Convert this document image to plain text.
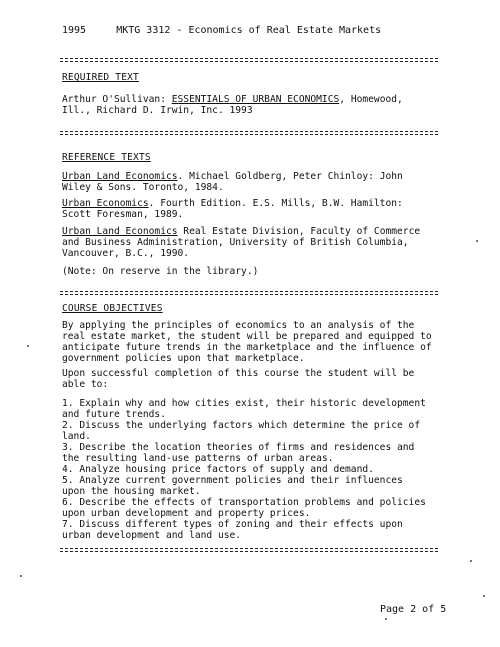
1995	MKTG 3312 - Economics of Real Estate Markets
REQUIRED TEXT
Arthur O'Sullivan: ESSENTIALS OF URBAN ECONOMICS, Homewood,
Ill., Richard D. Irwin, Inc. 1993
REFERENCE TEXTS
Urban Land Economics. Michael Goldberg, Peter Chinloy: John
Wiley & Sons. Toronto, 1984.
Urban Economics. Fourth Edition. E.S. Mills, B.W. Hamilton:
Scott Foresman, 1989.
Urban Land Economics Real Estate Division, Faculty of Commerce
and Business Administration, University of British Columbia,
Vancouver, B.C., 1990.
(Note: On reserve in the library.)
COURSE OBJECTIVES
By applying the principles of economics to an analysis of the
real estate market, the student will be prepared and equipped to
anticipate future trends in the marketplace and the influence of
government policies upon that marketplace.
Upon successful completion of this course the student will be
able to:

1. Explain why and how cities exist, their historic development
and future trends.

2. Discuss the underlying factors which determine the price of
land.

3. Describe the location theories of firms and residences and
the resulting land-use patterns of urban areas.

4. Analyze housing price factors of supply and demand.

5. Analyze current government policies and their influences
upon the housing market.

6. Describe the effects of transportation problems and policies
upon urban development and property prices.

7. Discuss different types of zoning and their effects upon
urban development and land use.

Page 2 of 5
